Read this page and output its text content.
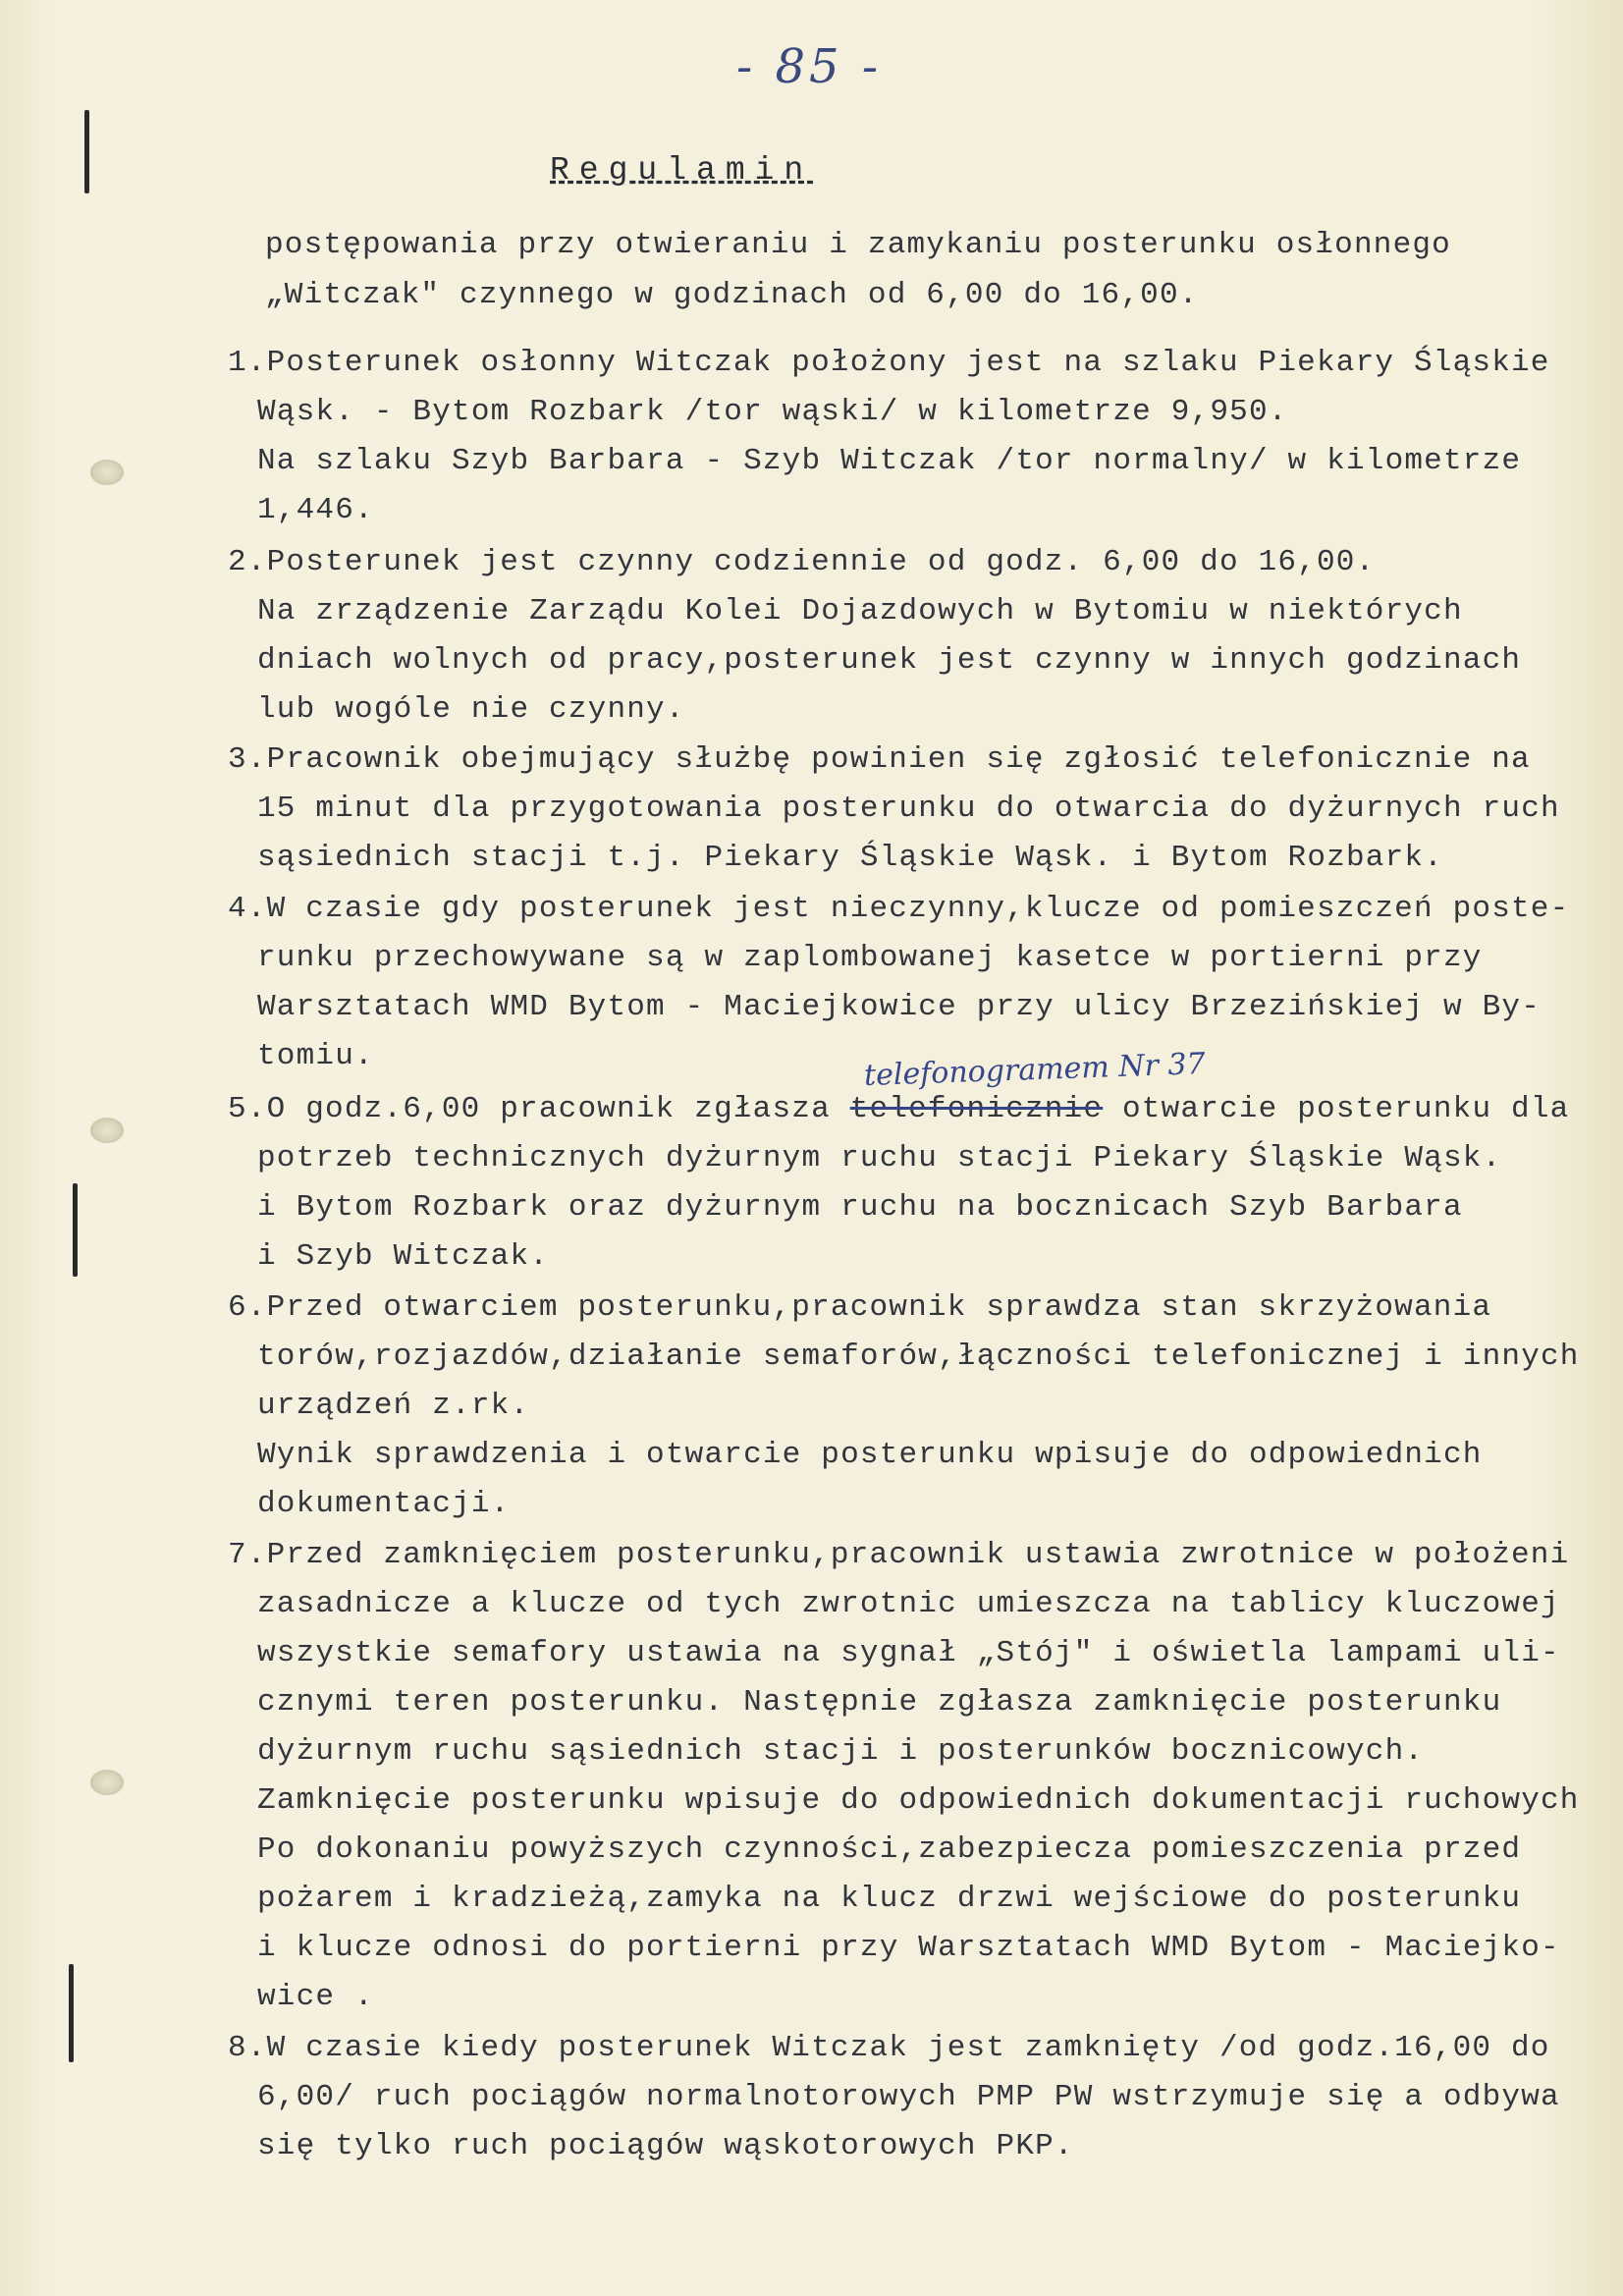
- 85 -
Regulamin
postępowania przy otwieraniu i zamykaniu posterunku osłonnego
„Witczak" czynnego w godzinach od 6,00 do 16,00.
1.Posterunek osłonny Witczak położony jest na szlaku Piekary Śląskie
Wąsk. - Bytom Rozbark /tor wąski/ w kilometrze 9,950.
Na szlaku Szyb Barbara - Szyb Witczak /tor normalny/ w kilometrze
1,446.
2.Posterunek jest czynny codziennie od godz. 6,00 do 16,00.
Na zrządzenie Zarządu Kolei Dojazdowych w Bytomiu w niektórych
dniach wolnych od pracy,posterunek jest czynny w innych godzinach
lub wogóle nie czynny.
3.Pracownik obejmujący służbę powinien się zgłosić telefonicznie na
15 minut dla przygotowania posterunku do otwarcia do dyżurnych ruch
sąsiednich stacji t.j. Piekary Śląskie Wąsk. i Bytom Rozbark.
4.W czasie gdy posterunek jest nieczynny,klucze od pomieszczeń poste-
runku przechowywane są w zaplombowanej kasetce w portierni przy
Warsztatach WMD Bytom - Maciejkowice przy ulicy Brzezińskiej w By-
tomiu.	telefonogramem Nr 37
5.O godz.6,00 pracownik zgłasza telefonicznie otwarcie posterunku dla
potrzeb technicznych dyżurnym ruchu stacji Piekary Śląskie Wąsk.
i Bytom Rozbark oraz dyżurnym ruchu na bocznicach Szyb Barbara
i Szyb Witczak.
6.Przed otwarciem posterunku,pracownik sprawdza stan skrzyżowania
torów,rozjazdów,działanie semaforów,łączności telefonicznej i innych
urządzeń z.rk.
Wynik sprawdzenia i otwarcie posterunku wpisuje do odpowiednich
dokumentacji.
7.Przed zamknięciem posterunku,pracownik ustawia zwrotnice w położeni
zasadnicze a klucze od tych zwrotnic umieszcza na tablicy kluczowej
wszystkie semafory ustawia na sygnał „Stój" i oświetla lampami uli-
cznymi teren posterunku. Następnie zgłasza zamknięcie posterunku
dyżurnym ruchu sąsiednich stacji i posterunków bocznicowych.
Zamknięcie posterunku wpisuje do odpowiednich dokumentacji ruchowych
Po dokonaniu powyższych czynności,zabezpiecza pomieszczenia przed
pożarem i kradzieżą,zamyka na klucz drzwi wejściowe do posterunku
i klucze odnosi do portierni przy Warsztatach WMD Bytom - Maciejko-
wice .
8.W czasie kiedy posterunek Witczak jest zamknięty /od godz.16,00 do
6,00/ ruch pociągów normalnotorowych PMP PW wstrzymuje się a odbywa
się tylko ruch pociągów wąskotorowych PKP.
